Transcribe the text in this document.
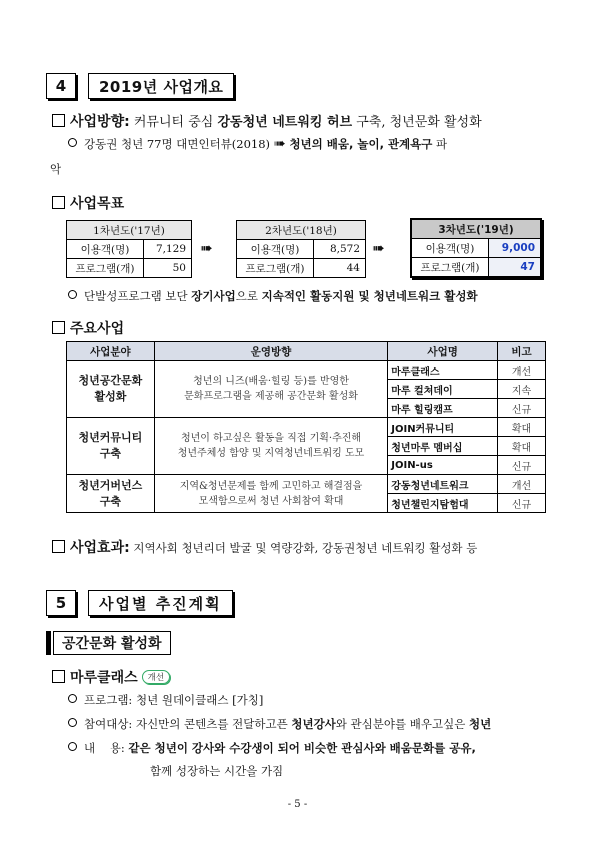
4	2019년 사업개요
사업방향: 커뮤니티 중심 강동청년 네트워킹 허브 구축, 청년문화 활성화
강동권 청년 77명 대면인터뷰(2018) ➠ 청년의 배움, 놀이, 관계욕구 파
악
사업목표
1차년도('17년)
이용객(명)	7,129
프로그램(개)	50
➠
2차년도('18년)
이용객(명)	8,572
프로그램(개)	44
➠
3차년도('19년)
이용객(명)	9,000
프로그램(개)	47
단발성프로그램 보단 장기사업으로 지속적인 활동지원 및 청년네트워크 활성화
주요사업
사업분야	운영방향	사업명	비고
청년공간문화
활성화	청년의 니즈(배움·힐링 등)를 반영한
문화프로그램을 제공해 공간문화 활성화	마루클래스	개선
		마루 컬쳐데이	지속
		마루 힐링캠프	신규
청년커뮤니티
구축	청년이 하고싶은 활동을 직접 기획·추진해
청년주체성 함양 및 지역청년네트워킹 도모	JOIN커뮤니티	확대
		청년마루 멤버십	확대
		JOIN-us	신규
청년거버넌스
구축	지역&청년문제를 함께 고민하고 해결점을
모색함으로써 청년 사회참여 확대	강동청년네트워크	개선
		청년챌린지탐험대	신규
사업효과: 지역사회 청년리더 발굴 및 역량강화, 강동권청년 네트워킹 활성화 등
5	사업별 추진계획
공간문화 활성화
마루클래스 개선
프로그램: 청년 원데이클래스 [가칭]
참여대상: 자신만의 콘텐츠를 전달하고픈 청년강사와 관심분야를 배우고싶은 청년
내    용: 같은 청년이 강사와 수강생이 되어 비슷한 관심사와 배움문화를 공유,
함께 성장하는 시간을 가짐
- 5 -
